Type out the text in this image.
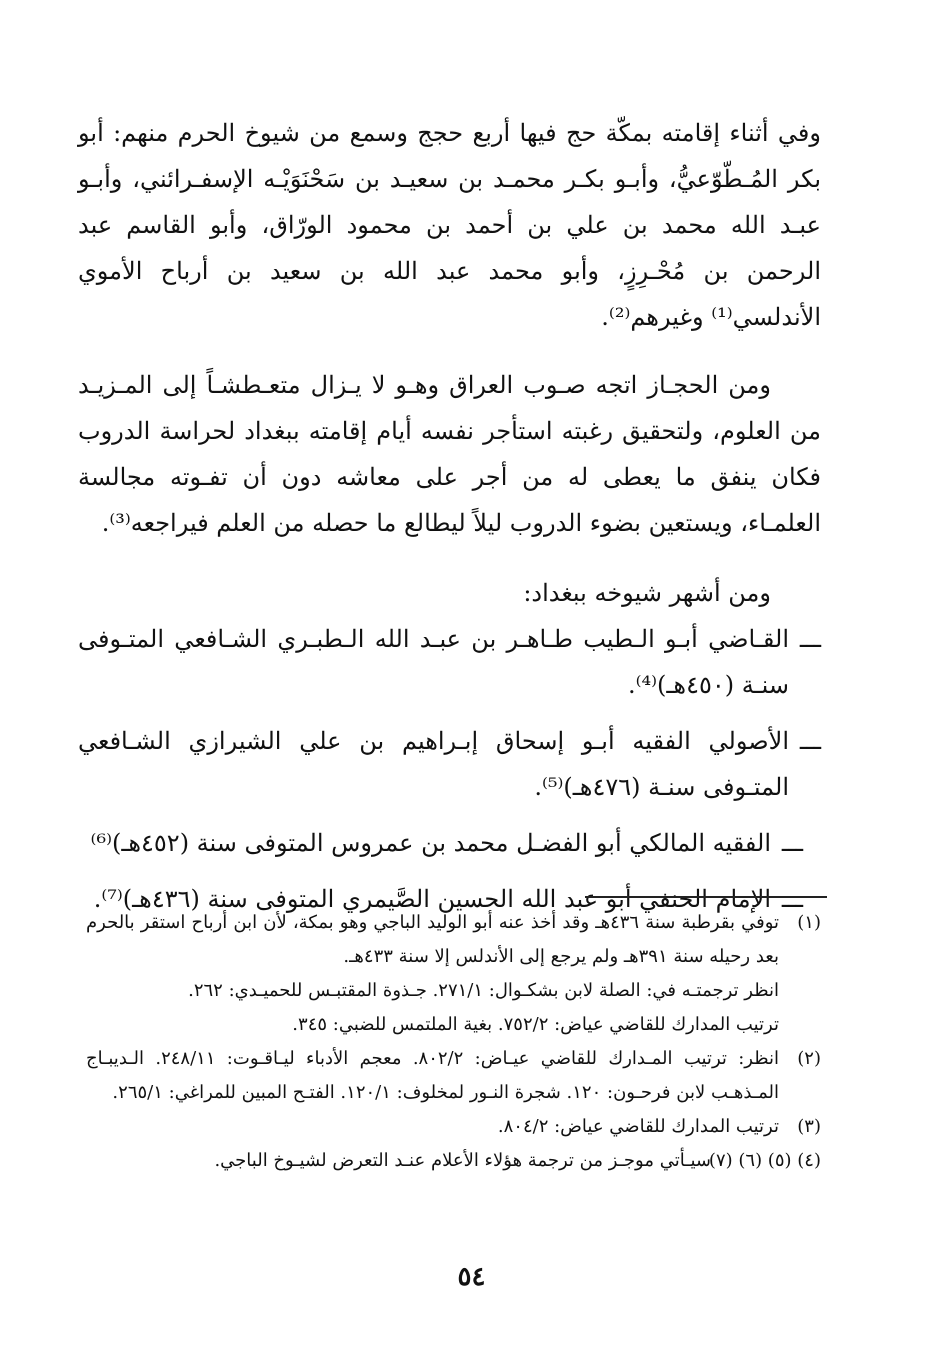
وفي أثناء إقامته بمكّة حج فيها أربع حجج وسمع من شيوخ الحرم منهم: أبو بكر المُـطّوّعيُّ، وأبـو بكـر محمـد بن سعيـد بن سَحْنَوَيْـه الإسفـرائني، وأبـو عبـد الله محمد بن علي بن أحمد بن محمود الورّاق، وأبو القاسم عبد الرحمن بن مُحْـرِزٍ، وأبو محمد عبد الله بن سعيد بن أرباح الأموي الأندلسي⁽¹⁾ وغيرهم⁽²⁾.

ومن الحجـاز اتجه صـوب العراق وهـو لا يـزال متعـطشـاً إلى المـزيـد من العلوم، ولتحقيق رغبته استأجر نفسه أيام إقامته ببغداد لحراسة الدروب فكان ينفق ما يعطى له من أجر على معاشه دون أن تفـوته مجالسة العلمـاء، ويستعين بضوء الدروب ليلاً ليطالع ما حصله من العلم فيراجعه⁽³⁾.

ومن أشهر شيوخه ببغداد:

ـــ
القـاضي أبـو الـطيب طـاهـر بن عبـد الله الـطبـري الشـافعي المتـوفى سنـة (٤٥٠هـ)⁽⁴⁾.
ـــ
الأصولي الفقيه أبـو إسحاق إبـراهيم بن علي الشيرازي الشـافعي المتـوفى سنـة (٤٧٦هـ)⁽⁵⁾.
ـــ
الفقيه المالكي أبو الفضـل محمد بن عمروس المتوفى سنة (٤٥٢هـ)⁽⁶⁾
ـــ
الإمام الحنفي أبو عبد الله الحسين الصَّيمري المتوفى سنة (٤٣٦هـ)⁽⁷⁾.
(١)
توفي بقرطبة سنة ٤٣٦هـ وقد أخذ عنه أبو الوليد الباجي وهو بمكة، لأن ابن أرباح استقر بالحرم بعد رحيله سنة ٣٩١هـ ولم يرجع إلى الأندلس إلا سنة ٤٣٣هـ.
انظر ترجمتـه في: الصلة لابن بشكـوال: ٢٧١/١. جـذوة المقتبـس للحميـدي: ٢٦٢.
ترتيب المدارك للقاضي عياض: ٧٥٢/٢. بغية الملتمس للضبي: ٣٤٥.
(٢)
انظر: ترتيب المـدارك للقاضي عيـاض: ٨٠٢/٢. معجم الأدباء ليـاقـوت: ٢٤٨/١١. الـديبـاج المـذهـب لابن فرحـون: ١٢٠. شجرة النـور لمخلوف: ١٢٠/١. الفتـح المبين للمراغي: ٢٦٥/١.
(٣)
ترتيب المدارك للقاضي عياض: ٨٠٤/٢.
(٤) (٥) (٦) (٧)
سيـأتي موجـز من ترجمة هؤلاء الأعلام عنـد التعرض لشيـوخ الباجي.
٥٤
